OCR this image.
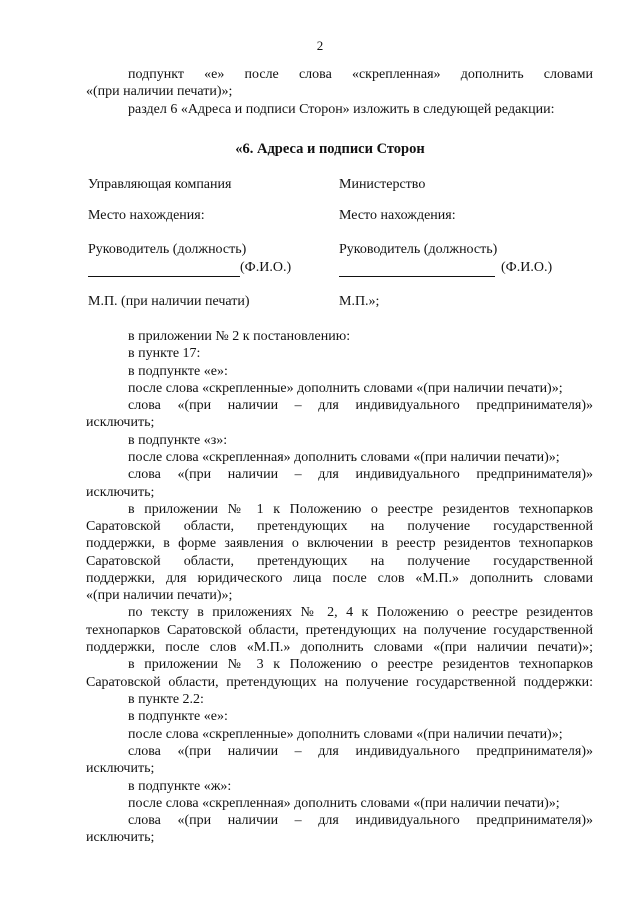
2
подпункт «е» после слова «скрепленная» дополнить словами
«(при наличии печати)»;
раздел 6 «Адреса и подписи Сторон» изложить в следующей редакции:
«6. Адреса и подписи Сторон
Управляющая компания
Место нахождения:
Руководитель (должность)
(Ф.И.О.)
М.П. (при наличии печати)
Министерство
Место нахождения:
Руководитель (должность)
(Ф.И.О.)
М.П.»;
в приложении № 2 к постановлению:
в пункте 17:
в подпункте «е»:
после слова «скрепленные» дополнить словами «(при наличии печати)»;
слова «(при наличии – для индивидуального предпринимателя)»
исключить;
в подпункте «з»:
после слова «скрепленная» дополнить словами «(при наличии печати)»;
слова «(при наличии – для индивидуального предпринимателя)»
исключить;
в приложении № 1 к Положению о реестре резидентов технопарков
Саратовской области, претендующих на получение государственной
поддержки, в форме заявления о включении в реестр резидентов технопарков
Саратовской области, претендующих на получение государственной
поддержки, для юридического лица после слов «М.П.» дополнить словами
«(при наличии печати)»;
по тексту в приложениях № 2, 4 к Положению о реестре резидентов
технопарков Саратовской области, претендующих на получение государственной
поддержки, после слов «М.П.» дополнить словами «(при наличии печати)»;
в приложении № 3 к Положению о реестре резидентов технопарков
Саратовской области, претендующих на получение государственной поддержки:
в пункте 2.2:
в подпункте «е»:
после слова «скрепленные» дополнить словами «(при наличии печати)»;
слова «(при наличии – для индивидуального предпринимателя)»
исключить;
в подпункте «ж»:
после слова «скрепленная» дополнить словами «(при наличии печати)»;
слова «(при наличии – для индивидуального предпринимателя)»
исключить;
